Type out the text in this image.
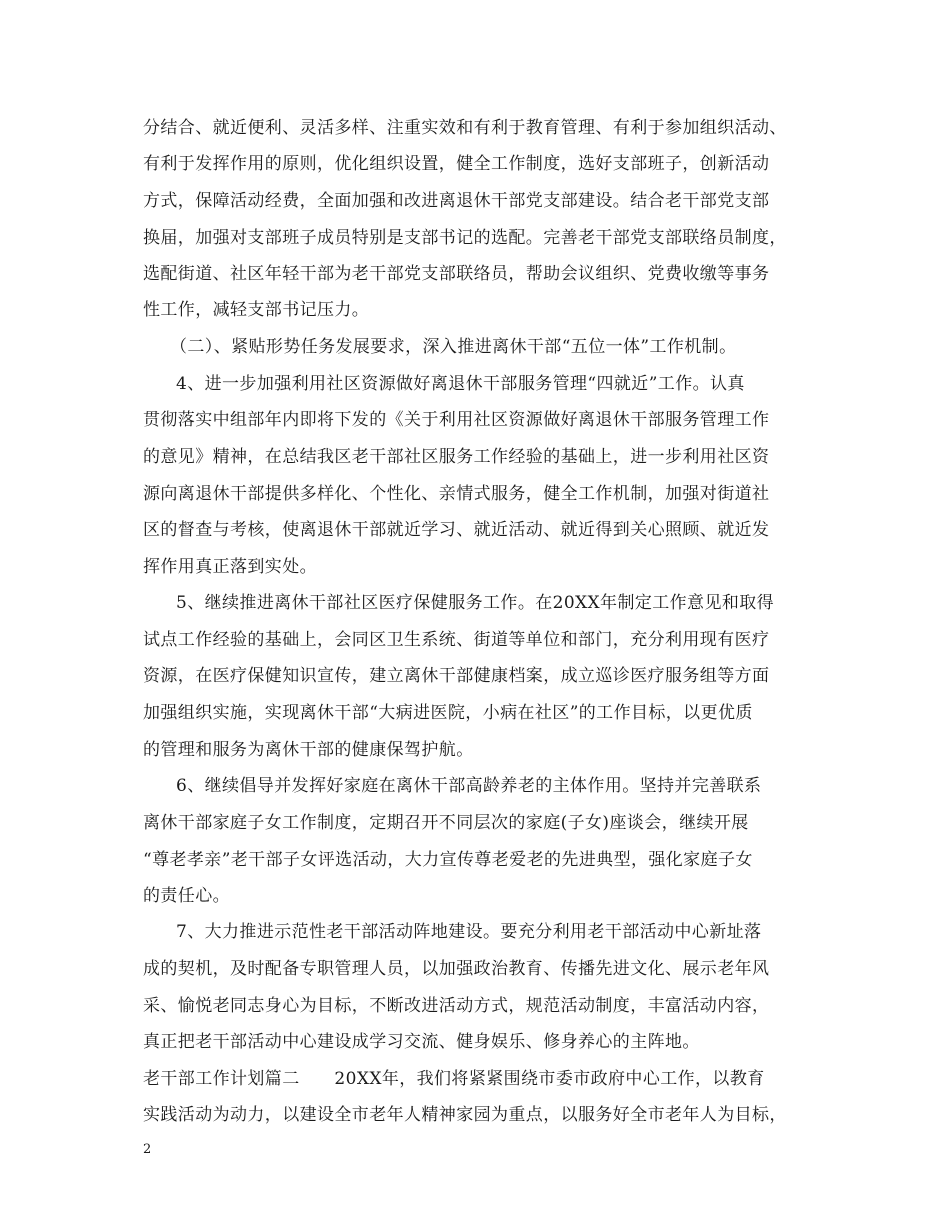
分结合、就近便利、灵活多样、注重实效和有利于教育管理、有利于参加组织活动、
有利于发挥作用的原则，优化组织设置，健全工作制度，选好支部班子，创新活动
方式，保障活动经费，全面加强和改进离退休干部党支部建设。结合老干部党支部
换届，加强对支部班子成员特别是支部书记的选配。完善老干部党支部联络员制度，
选配街道、社区年轻干部为老干部党支部联络员，帮助会议组织、党费收缴等事务
性工作，减轻支部书记压力。
（二）、紧贴形势任务发展要求，深入推进离休干部“五位一体”工作机制。
4、进一步加强利用社区资源做好离退休干部服务管理“四就近”工作。认真
贯彻落实中组部年内即将下发的《关于利用社区资源做好离退休干部服务管理工作
的意见》精神，在总结我区老干部社区服务工作经验的基础上，进一步利用社区资
源向离退休干部提供多样化、个性化、亲情式服务，健全工作机制，加强对街道社
区的督查与考核，使离退休干部就近学习、就近活动、就近得到关心照顾、就近发
挥作用真正落到实处。
5、继续推进离休干部社区医疗保健服务工作。在20XX年制定工作意见和取得
试点工作经验的基础上，会同区卫生系统、街道等单位和部门，充分利用现有医疗
资源，在医疗保健知识宣传，建立离休干部健康档案，成立巡诊医疗服务组等方面
加强组织实施，实现离休干部“大病进医院，小病在社区”的工作目标，以更优质
的管理和服务为离休干部的健康保驾护航。
6、继续倡导并发挥好家庭在离休干部高龄养老的主体作用。坚持并完善联系
离休干部家庭子女工作制度，定期召开不同层次的家庭(子女)座谈会，继续开展
“尊老孝亲”老干部子女评选活动，大力宣传尊老爱老的先进典型，强化家庭子女
的责任心。
7、大力推进示范性老干部活动阵地建设。要充分利用老干部活动中心新址落
成的契机，及时配备专职管理人员，以加强政治教育、传播先进文化、展示老年风
采、愉悦老同志身心为目标，不断改进活动方式，规范活动制度，丰富活动内容，
真正把老干部活动中心建设成学习交流、健身娱乐、修身养心的主阵地。
老干部工作计划篇二　　20XX年，我们将紧紧围绕市委市政府中心工作，以教育
实践活动为动力，以建设全市老年人精神家园为重点，以服务好全市老年人为目标，
2
